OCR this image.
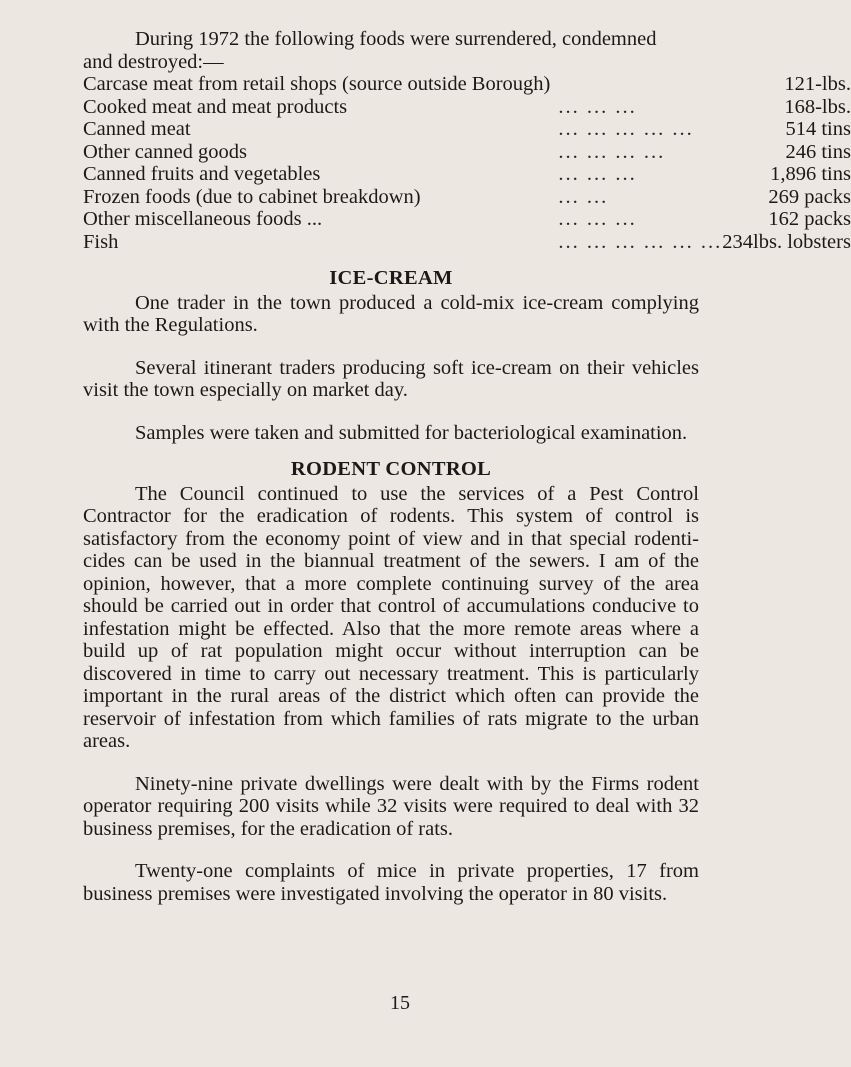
During 1972 the following foods were surrendered, condemned
and destroyed:—

Carcase meat from retail shops (source outside Borough)		121-lbs.
Cooked meat and meat products	... ... ...	168-lbs.
Canned meat	... ... ... ... ...	514 tins
Other canned goods	... ... ... ...	246 tins
Canned fruits and vegetables	... ... ...	1,896 tins
Frozen foods (due to cabinet breakdown)	... ...	269 packs
Other miscellaneous foods ...	... ... ...	162 packs
Fish	... ... ... ... ... ...	234lbs. lobsters
ICE-CREAM

One trader in the town produced a cold-mix ice-cream complying with the Regulations.

Several itinerant traders producing soft ice-cream on their vehicles visit the town especially on market day.

Samples were taken and submitted for bacteriological examination.

RODENT CONTROL

The Council continued to use the services of a Pest Control Contractor for the eradication of rodents. This system of control is satisfactory from the economy point of view and in that special rodenticides can be used in the biannual treatment of the sewers. I am of the opinion, however, that a more complete continuing survey of the area should be carried out in order that control of accumulations conducive to infestation might be effected. Also that the more remote areas where a build up of rat population might occur without interruption can be discovered in time to carry out necessary treatment. This is particularly important in the rural areas of the district which often can provide the reservoir of infestation from which families of rats migrate to the urban areas.

Ninety-nine private dwellings were dealt with by the Firms rodent operator requiring 200 visits while 32 visits were required to deal with 32 business premises, for the eradication of rats.

Twenty-one complaints of mice in private properties, 17 from business premises were investigated involving the operator in 80 visits.

15
